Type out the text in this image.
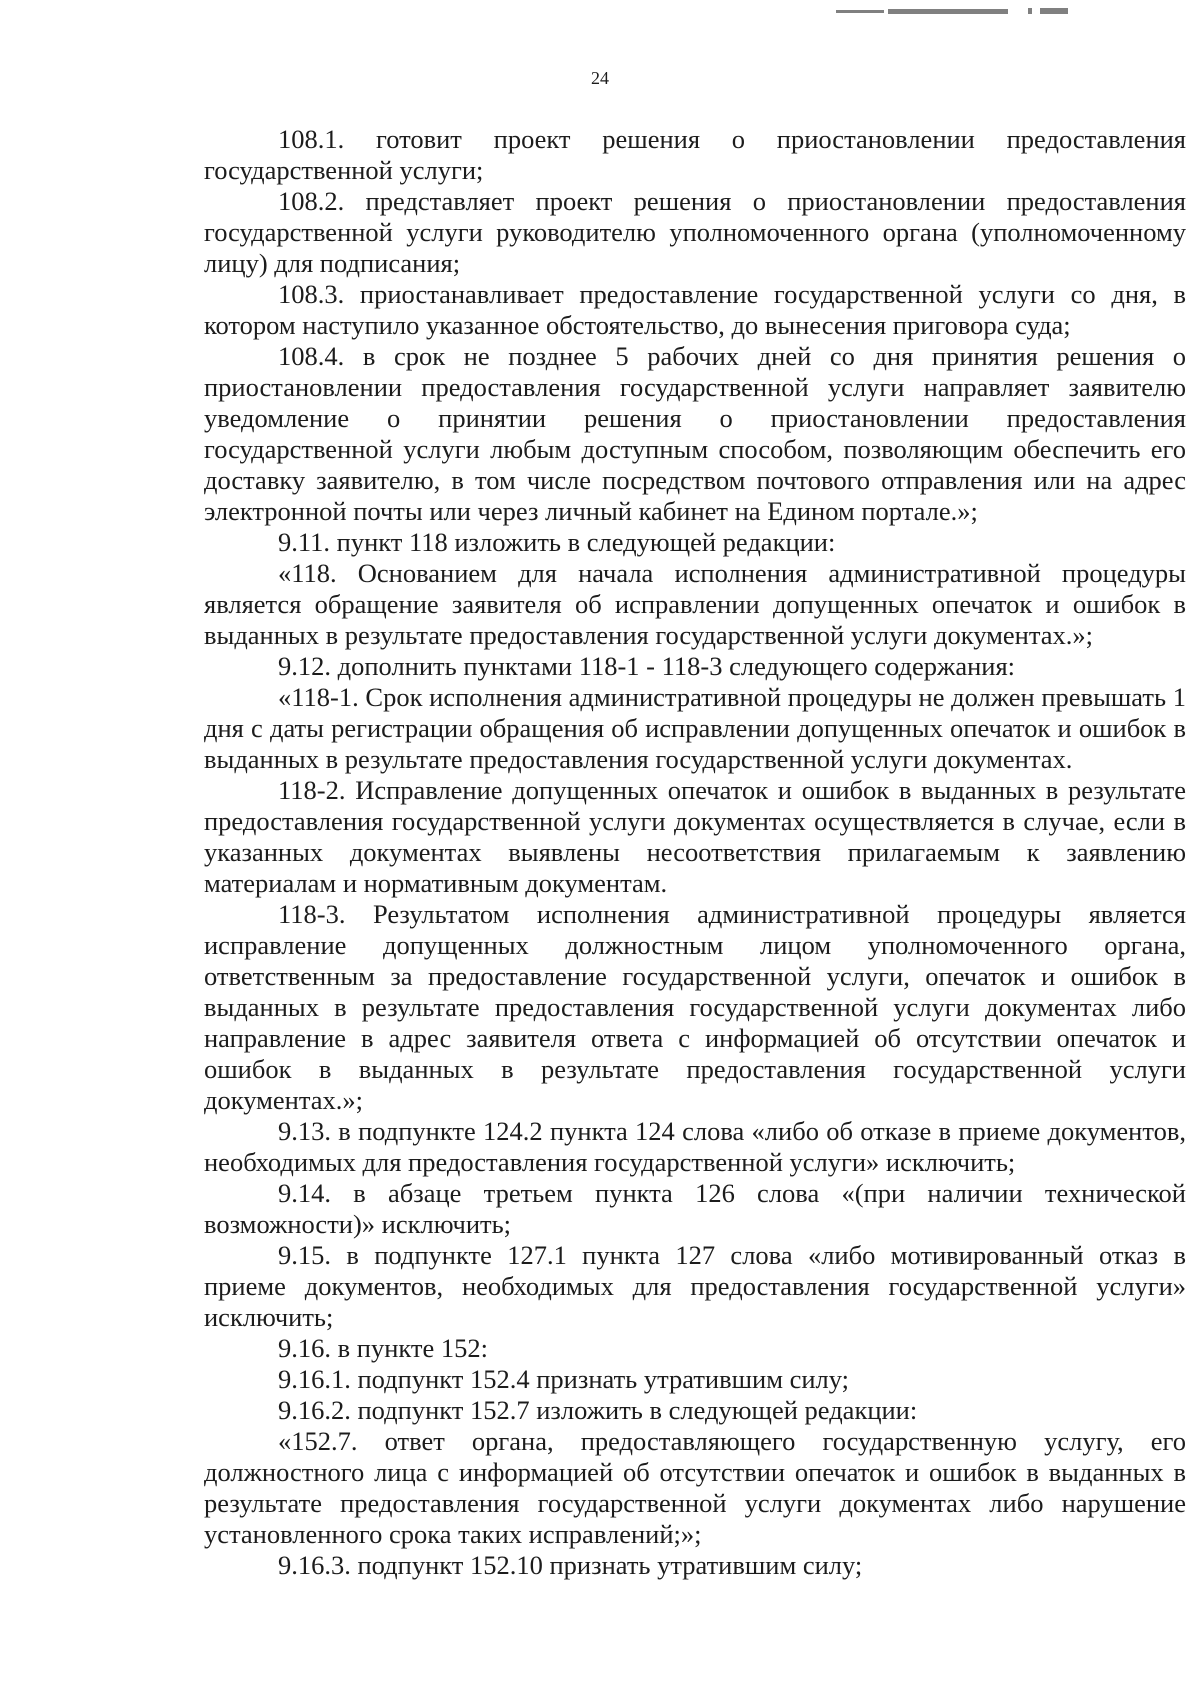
24

108.1. готовит проект решения о приостановлении предоставления государственной услуги;

108.2. представляет проект решения о приостановлении предоставления государственной услуги руководителю уполномоченного органа (уполномоченному лицу) для подписания;

108.3. приостанавливает предоставление государственной услуги со дня, в котором наступило указанное обстоятельство, до вынесения приговора суда;

108.4. в срок не позднее 5 рабочих дней со дня принятия решения о приостановлении предоставления государственной услуги направляет заявителю уведомление о принятии решения о приостановлении предоставления государственной услуги любым доступным способом, позволяющим обеспечить его доставку заявителю, в том числе посредством почтового отправления или на адрес электронной почты или через личный кабинет на Едином портале.»;

9.11. пункт 118 изложить в следующей редакции:

«118. Основанием для начала исполнения административной процедуры является обращение заявителя об исправлении допущенных опечаток и ошибок в выданных в результате предоставления государственной услуги документах.»;

9.12. дополнить пунктами 118-1 - 118-3 следующего содержания:

«118-1. Срок исполнения административной процедуры не должен превышать 1 дня с даты регистрации обращения об исправлении допущенных опечаток и ошибок в выданных в результате предоставления государственной услуги документах.

118-2. Исправление допущенных опечаток и ошибок в выданных в результате предоставления государственной услуги документах осуществляется в случае, если в указанных документах выявлены несоответствия прилагаемым к заявлению материалам и нормативным документам.

118-3. Результатом исполнения административной процедуры является исправление допущенных должностным лицом уполномоченного органа, ответственным за предоставление государственной услуги, опечаток и ошибок в выданных в результате предоставления государственной услуги документах либо направление в адрес заявителя ответа с информацией об отсутствии опечаток и ошибок в выданных в результате предоставления государственной услуги документах.»;

9.13. в подпункте 124.2 пункта 124 слова «либо об отказе в приеме документов, необходимых для предоставления государственной услуги» исключить;

9.14. в абзаце третьем пункта 126 слова «(при наличии технической возможности)» исключить;

9.15. в подпункте 127.1 пункта 127 слова «либо мотивированный отказ в приеме документов, необходимых для предоставления государственной услуги» исключить;

9.16. в пункте 152:

9.16.1. подпункт 152.4 признать утратившим силу;

9.16.2. подпункт 152.7 изложить в следующей редакции:

«152.7. ответ органа, предоставляющего государственную услугу, его должностного лица с информацией об отсутствии опечаток и ошибок в выданных в результате предоставления государственной услуги документах либо нарушение установленного срока таких исправлений;»;

9.16.3. подпункт 152.10 признать утратившим силу;
